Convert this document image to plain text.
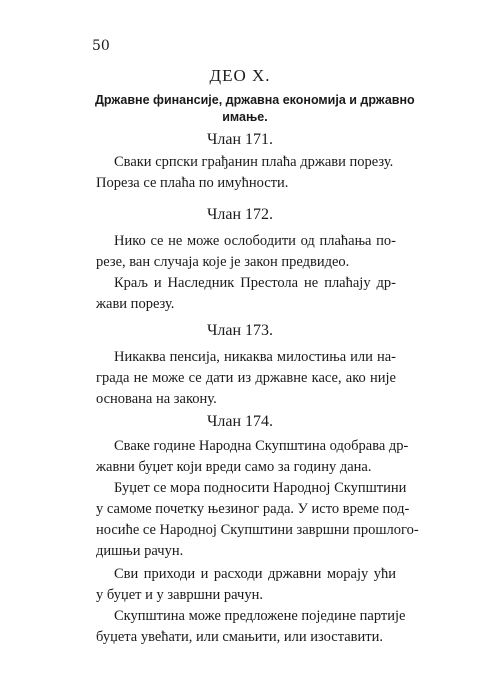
50
ДЕО X.
Државне финансије, државна економија и државно
имање.
Члан 171.
Сваки српски грађанин плаћа држави порезу.
Пореза се плаћа по имућности.
Члан 172.
Нико се не може ослободити од плаћања по-
резе, ван случаја које је закон предвидео.
Краљ и Наследник Престола не плаћају др-
жави порезу.
Члан 173.
Никаква пенсија, никаква милостиња или на-
града не може се дати из државне касе, ако није
основана на закону.
Члан 174.
Сваке године Народна Скупштина одобрава др-
жавни буџет који вреди само за годину дана.
Буџет се мора подносити Народној Скупштини
у самоме почетку њезиног рада. У исто време под-
носиће се Народној Скупштини завршни прошлого-
дишњи рачун.
Сви приходи и расходи државни морају ући
у буџет и у завршни рачун.
Скупштина може предложене поједине партије
буџета увећати, или смањити, или изоставити.
